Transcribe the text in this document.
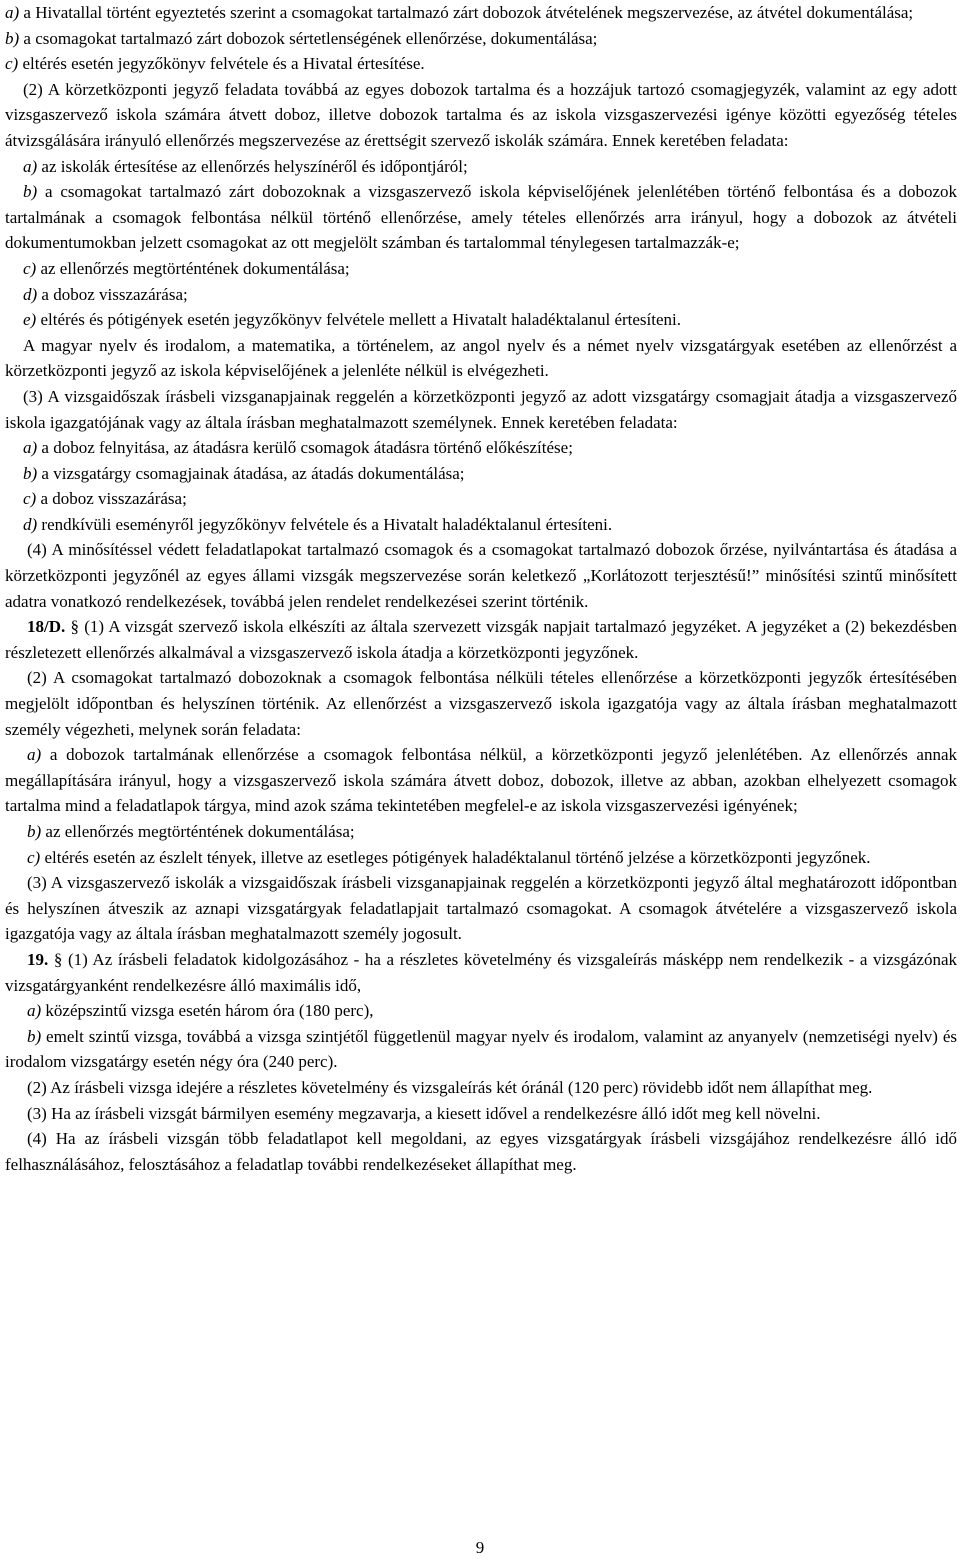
a) a Hivatallal történt egyeztetés szerint a csomagokat tartalmazó zárt dobozok átvételének megszervezése, az átvétel dokumentálása;

b) a csomagokat tartalmazó zárt dobozok sértetlenségének ellenőrzése, dokumentálása;

c) eltérés esetén jegyzőkönyv felvétele és a Hivatal értesítése.

(2) A körzetközponti jegyző feladata továbbá az egyes dobozok tartalma és a hozzájuk tartozó csomagjegyzék, valamint az egy adott vizsgaszervező iskola számára átvett doboz, illetve dobozok tartalma és az iskola vizsgaszervezési igénye közötti egyezőség tételes átvizsgálására irányuló ellenőrzés megszervezése az érettségit szervező iskolák számára. Ennek keretében feladata:

a) az iskolák értesítése az ellenőrzés helyszínéről és időpontjáról;

b) a csomagokat tartalmazó zárt dobozoknak a vizsgaszervező iskola képviselőjének jelenlétében történő felbontása és a dobozok tartalmának a csomagok felbontása nélkül történő ellenőrzése, amely tételes ellenőrzés arra irányul, hogy a dobozok az átvételi dokumentumokban jelzett csomagokat az ott megjelölt számban és tartalommal ténylegesen tartalmazzák-e;

c) az ellenőrzés megtörténtének dokumentálása;

d) a doboz visszazárása;

e) eltérés és pótigények esetén jegyzőkönyv felvétele mellett a Hivatalt haladéktalanul értesíteni.

A magyar nyelv és irodalom, a matematika, a történelem, az angol nyelv és a német nyelv vizsgatárgyak esetében az ellenőrzést a körzetközponti jegyző az iskola képviselőjének a jelenléte nélkül is elvégezheti.

(3) A vizsgaidőszak írásbeli vizsganapjainak reggelén a körzetközponti jegyző az adott vizsgatárgy csomagjait átadja a vizsgaszervező iskola igazgatójának vagy az általa írásban meghatalmazott személynek. Ennek keretében feladata:

a) a doboz felnyitása, az átadásra kerülő csomagok átadásra történő előkészítése;

b) a vizsgatárgy csomagjainak átadása, az átadás dokumentálása;

c) a doboz visszazárása;

d) rendkívüli eseményről jegyzőkönyv felvétele és a Hivatalt haladéktalanul értesíteni.

(4) A minősítéssel védett feladatlapokat tartalmazó csomagok és a csomagokat tartalmazó dobozok őrzése, nyilvántartása és átadása a körzetközponti jegyzőnél az egyes állami vizsgák megszervezése során keletkező „Korlátozott terjesztésű!” minősítési szintű minősített adatra vonatkozó rendelkezések, továbbá jelen rendelet rendelkezései szerint történik.

18/D. § (1) A vizsgát szervező iskola elkészíti az általa szervezett vizsgák napjait tartalmazó jegyzéket. A jegyzéket a (2) bekezdésben részletezett ellenőrzés alkalmával a vizsgaszervező iskola átadja a körzetközponti jegyzőnek.

(2) A csomagokat tartalmazó dobozoknak a csomagok felbontása nélküli tételes ellenőrzése a körzetközponti jegyzők értesítésében megjelölt időpontban és helyszínen történik. Az ellenőrzést a vizsgaszervező iskola igazgatója vagy az általa írásban meghatalmazott személy végezheti, melynek során feladata:

a) a dobozok tartalmának ellenőrzése a csomagok felbontása nélkül, a körzetközponti jegyző jelenlétében. Az ellenőrzés annak megállapítására irányul, hogy a vizsgaszervező iskola számára átvett doboz, dobozok, illetve az abban, azokban elhelyezett csomagok tartalma mind a feladatlapok tárgya, mind azok száma tekintetében megfelel-e az iskola vizsgaszervezési igényének;

b) az ellenőrzés megtörténtének dokumentálása;

c) eltérés esetén az észlelt tények, illetve az esetleges pótigények haladéktalanul történő jelzése a körzetközponti jegyzőnek.

(3) A vizsgaszervező iskolák a vizsgaidőszak írásbeli vizsganapjainak reggelén a körzetközponti jegyző által meghatározott időpontban és helyszínen átveszik az aznapi vizsgatárgyak feladatlapjait tartalmazó csomagokat. A csomagok átvételére a vizsgaszervező iskola igazgatója vagy az általa írásban meghatalmazott személy jogosult.

19. § (1) Az írásbeli feladatok kidolgozásához - ha a részletes követelmény és vizsgaleírás másképp nem rendelkezik - a vizsgázónak vizsgatárgyanként rendelkezésre álló maximális idő,

a) középszintű vizsga esetén három óra (180 perc),

b) emelt szintű vizsga, továbbá a vizsga szintjétől függetlenül magyar nyelv és irodalom, valamint az anyanyelv (nemzetiségi nyelv) és irodalom vizsgatárgy esetén négy óra (240 perc).

(2) Az írásbeli vizsga idejére a részletes követelmény és vizsgaleírás két óránál (120 perc) rövidebb időt nem állapíthat meg.

(3) Ha az írásbeli vizsgát bármilyen esemény megzavarja, a kiesett idővel a rendelkezésre álló időt meg kell növelni.

(4) Ha az írásbeli vizsgán több feladatlapot kell megoldani, az egyes vizsgatárgyak írásbeli vizsgájához rendelkezésre álló idő felhasználásához, felosztásához a feladatlap további rendelkezéseket állapíthat meg.

9
